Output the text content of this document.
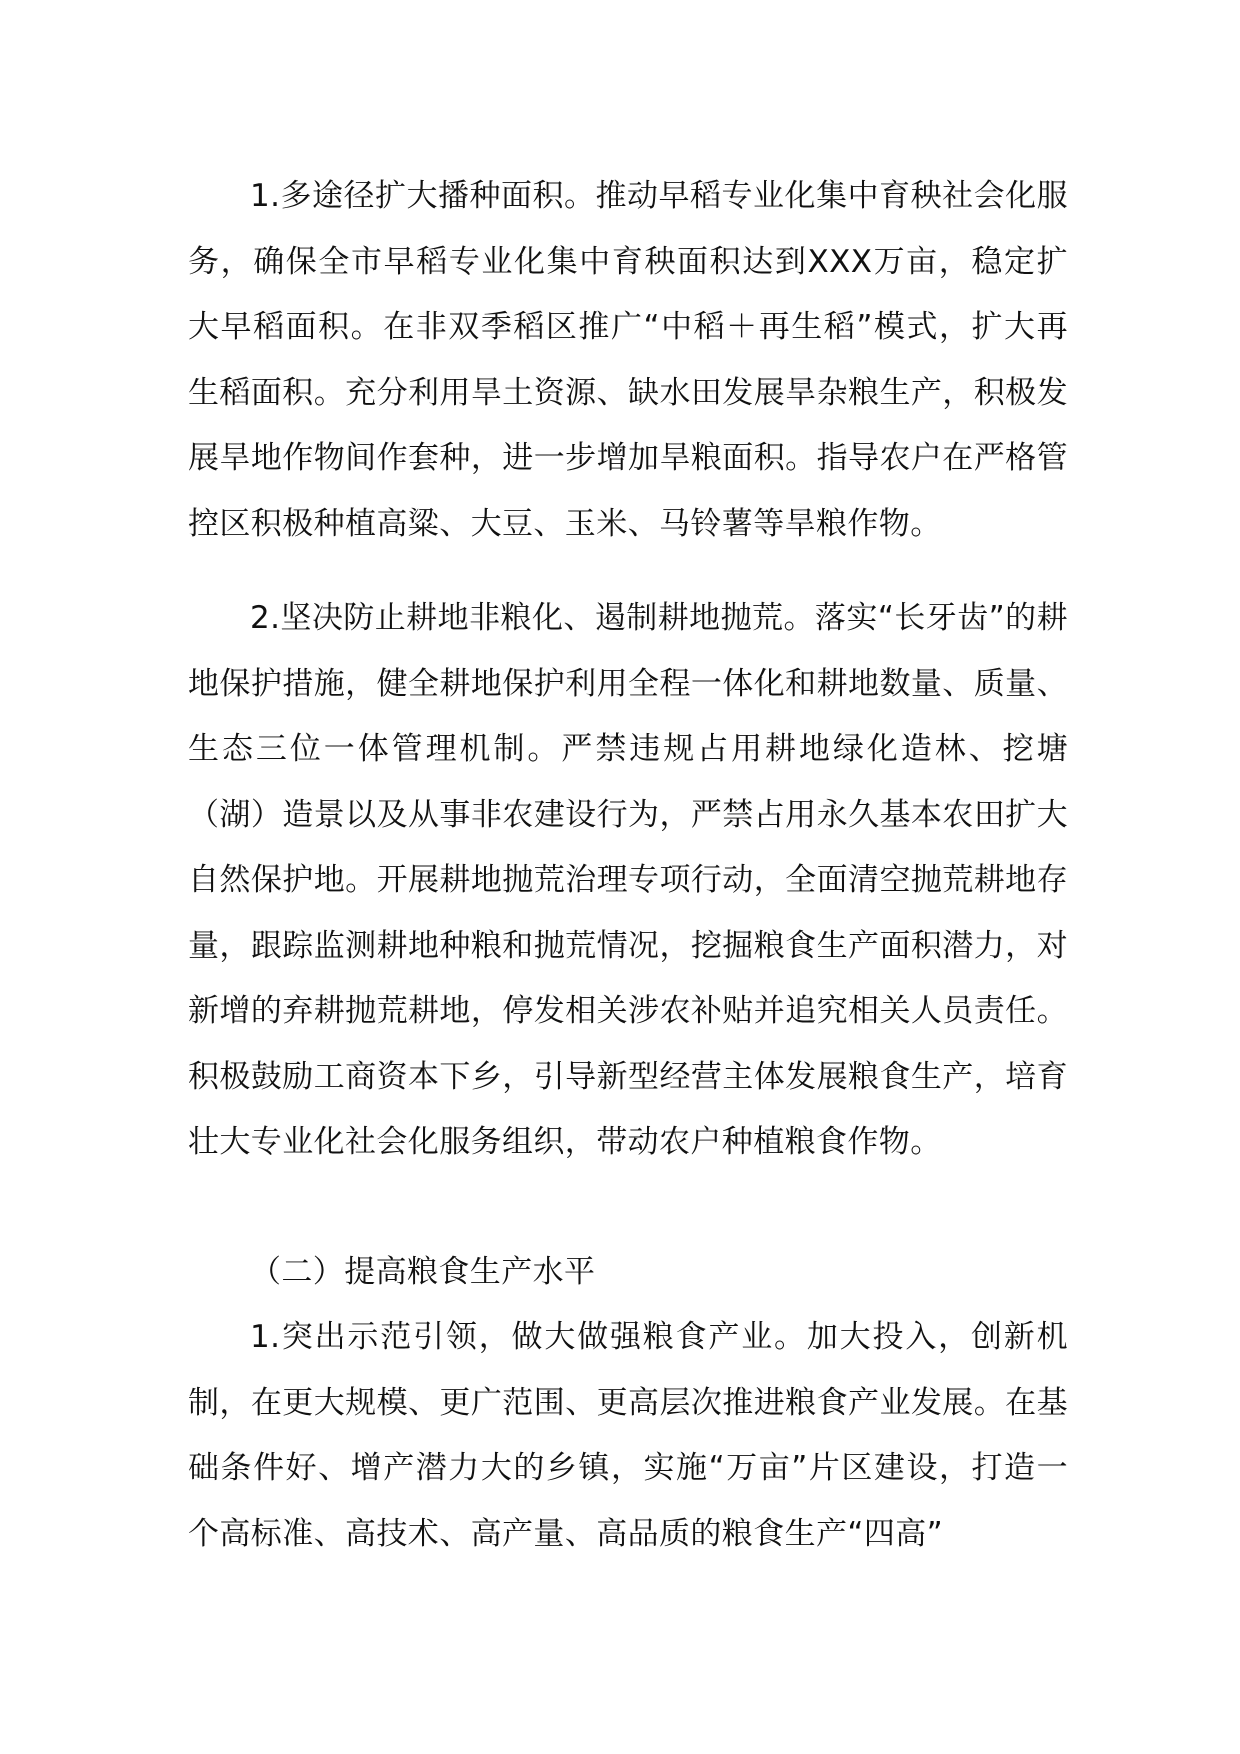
1.多途径扩大播种面积。推动早稻专业化集中育秧社会化服务，确保全市早稻专业化集中育秧面积达到XXX万亩，稳定扩大早稻面积。在非双季稻区推广“中稻＋再生稻”模式，扩大再生稻面积。充分利用旱土资源、缺水田发展旱杂粮生产，积极发展旱地作物间作套种，进一步增加旱粮面积。指导农户在严格管控区积极种植高粱、大豆、玉米、马铃薯等旱粮作物。

2.坚决防止耕地非粮化、遏制耕地抛荒。落实“长牙齿”的耕地保护措施，健全耕地保护利用全程一体化和耕地数量、质量、生态三位一体管理机制。严禁违规占用耕地绿化造林、挖塘（湖）造景以及从事非农建设行为，严禁占用永久基本农田扩大自然保护地。开展耕地抛荒治理专项行动，全面清空抛荒耕地存量，跟踪监测耕地种粮和抛荒情况，挖掘粮食生产面积潜力，对新增的弃耕抛荒耕地，停发相关涉农补贴并追究相关人员责任。积极鼓励工商资本下乡，引导新型经营主体发展粮食生产，培育壮大专业化社会化服务组织，带动农户种植粮食作物。

（二）提高粮食生产水平

1.突出示范引领，做大做强粮食产业。加大投入，创新机制，在更大规模、更广范围、更高层次推进粮食产业发展。在基础条件好、增产潜力大的乡镇，实施“万亩”片区建设，打造一个高标准、高技术、高产量、高品质的粮食生产“四高”
